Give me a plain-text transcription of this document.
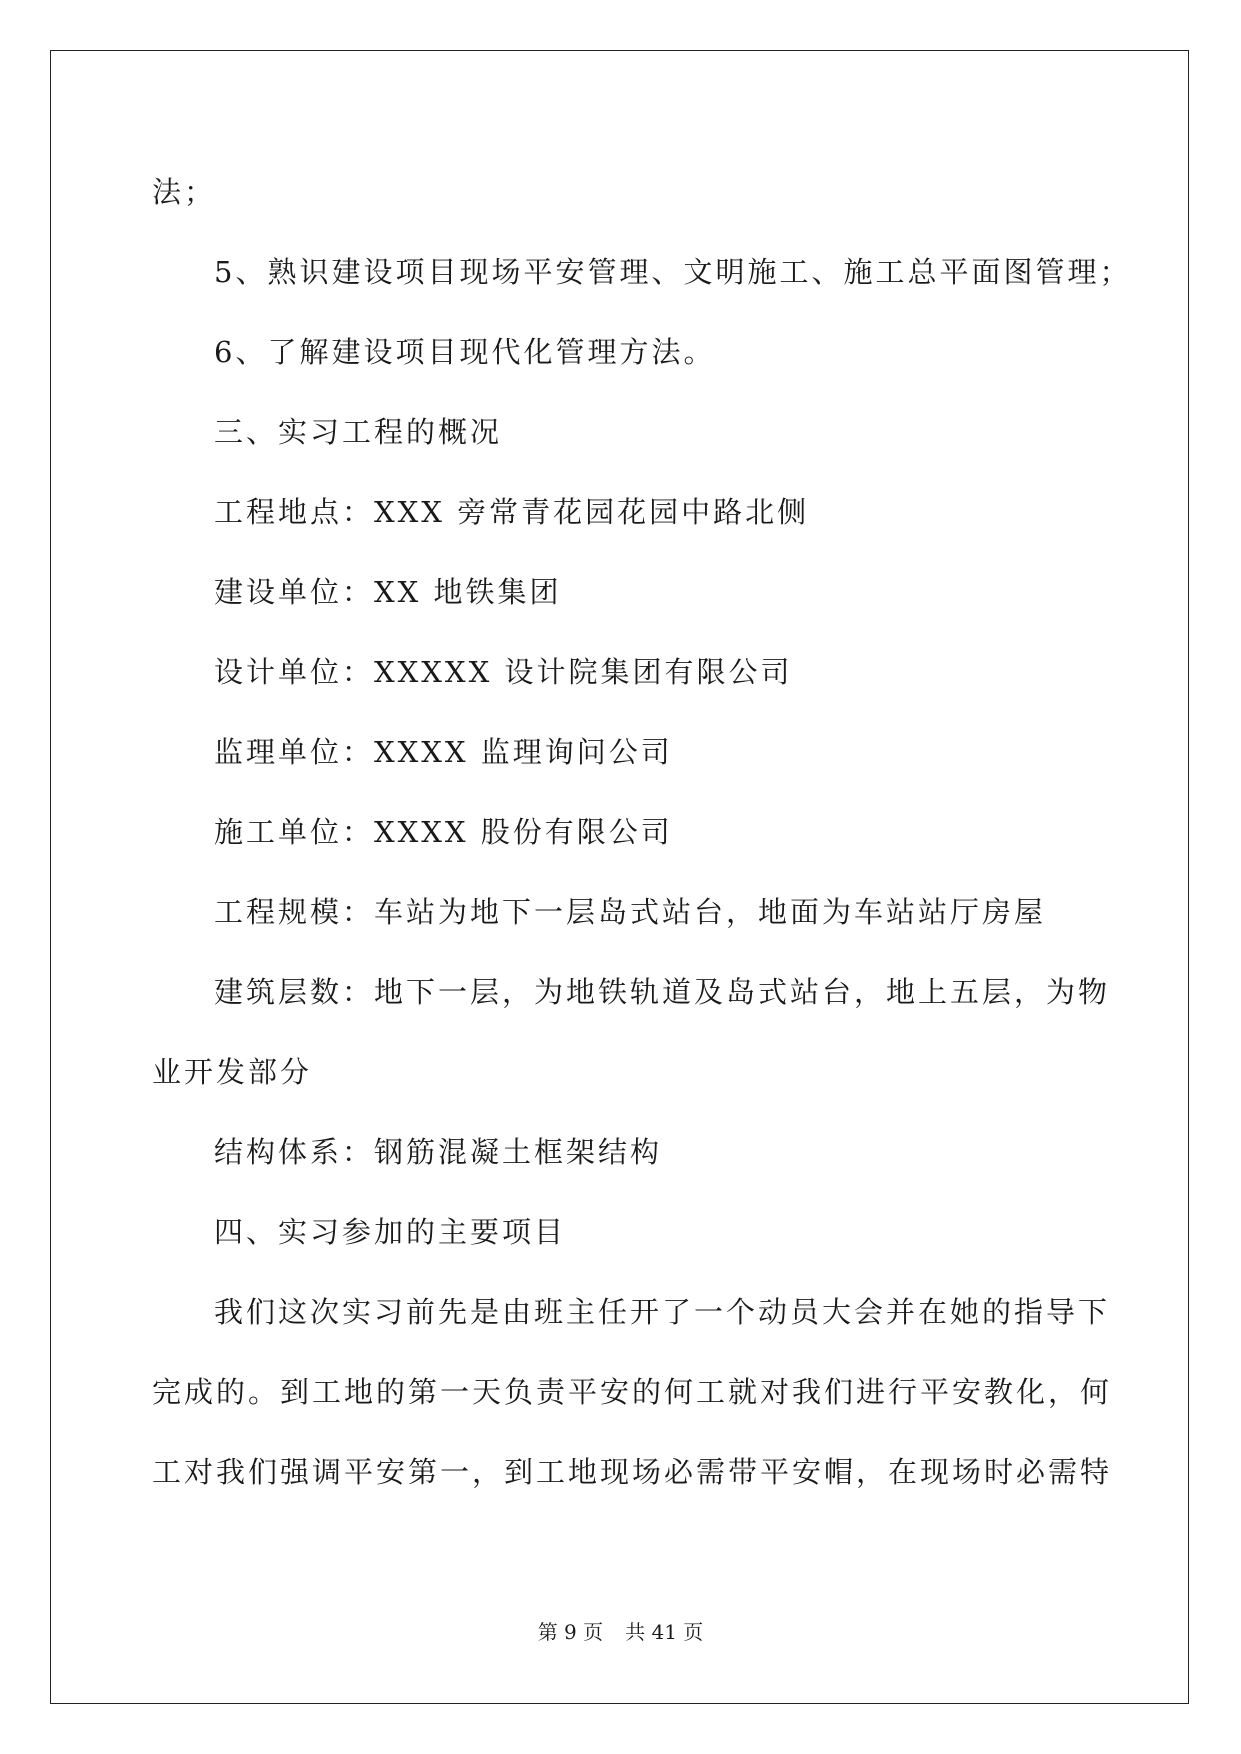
法；
5、熟识建设项目现场平安管理、文明施工、施工总平面图管理；
6、了解建设项目现代化管理方法。
三、实习工程的概况
工程地点：XXX 旁常青花园花园中路北侧
建设单位：XX 地铁集团
设计单位：XXXXX 设计院集团有限公司
监理单位：XXXX 监理询问公司
施工单位：XXXX 股份有限公司
工程规模：车站为地下一层岛式站台，地面为车站站厅房屋
建筑层数：地下一层，为地铁轨道及岛式站台，地上五层，为物
业开发部分
结构体系：钢筋混凝土框架结构
四、实习参加的主要项目
我们这次实习前先是由班主任开了一个动员大会并在她的指导下
完成的。到工地的第一天负责平安的何工就对我们进行平安教化，何
工对我们强调平安第一，到工地现场必需带平安帽，在现场时必需特
第 9 页 共 41 页
